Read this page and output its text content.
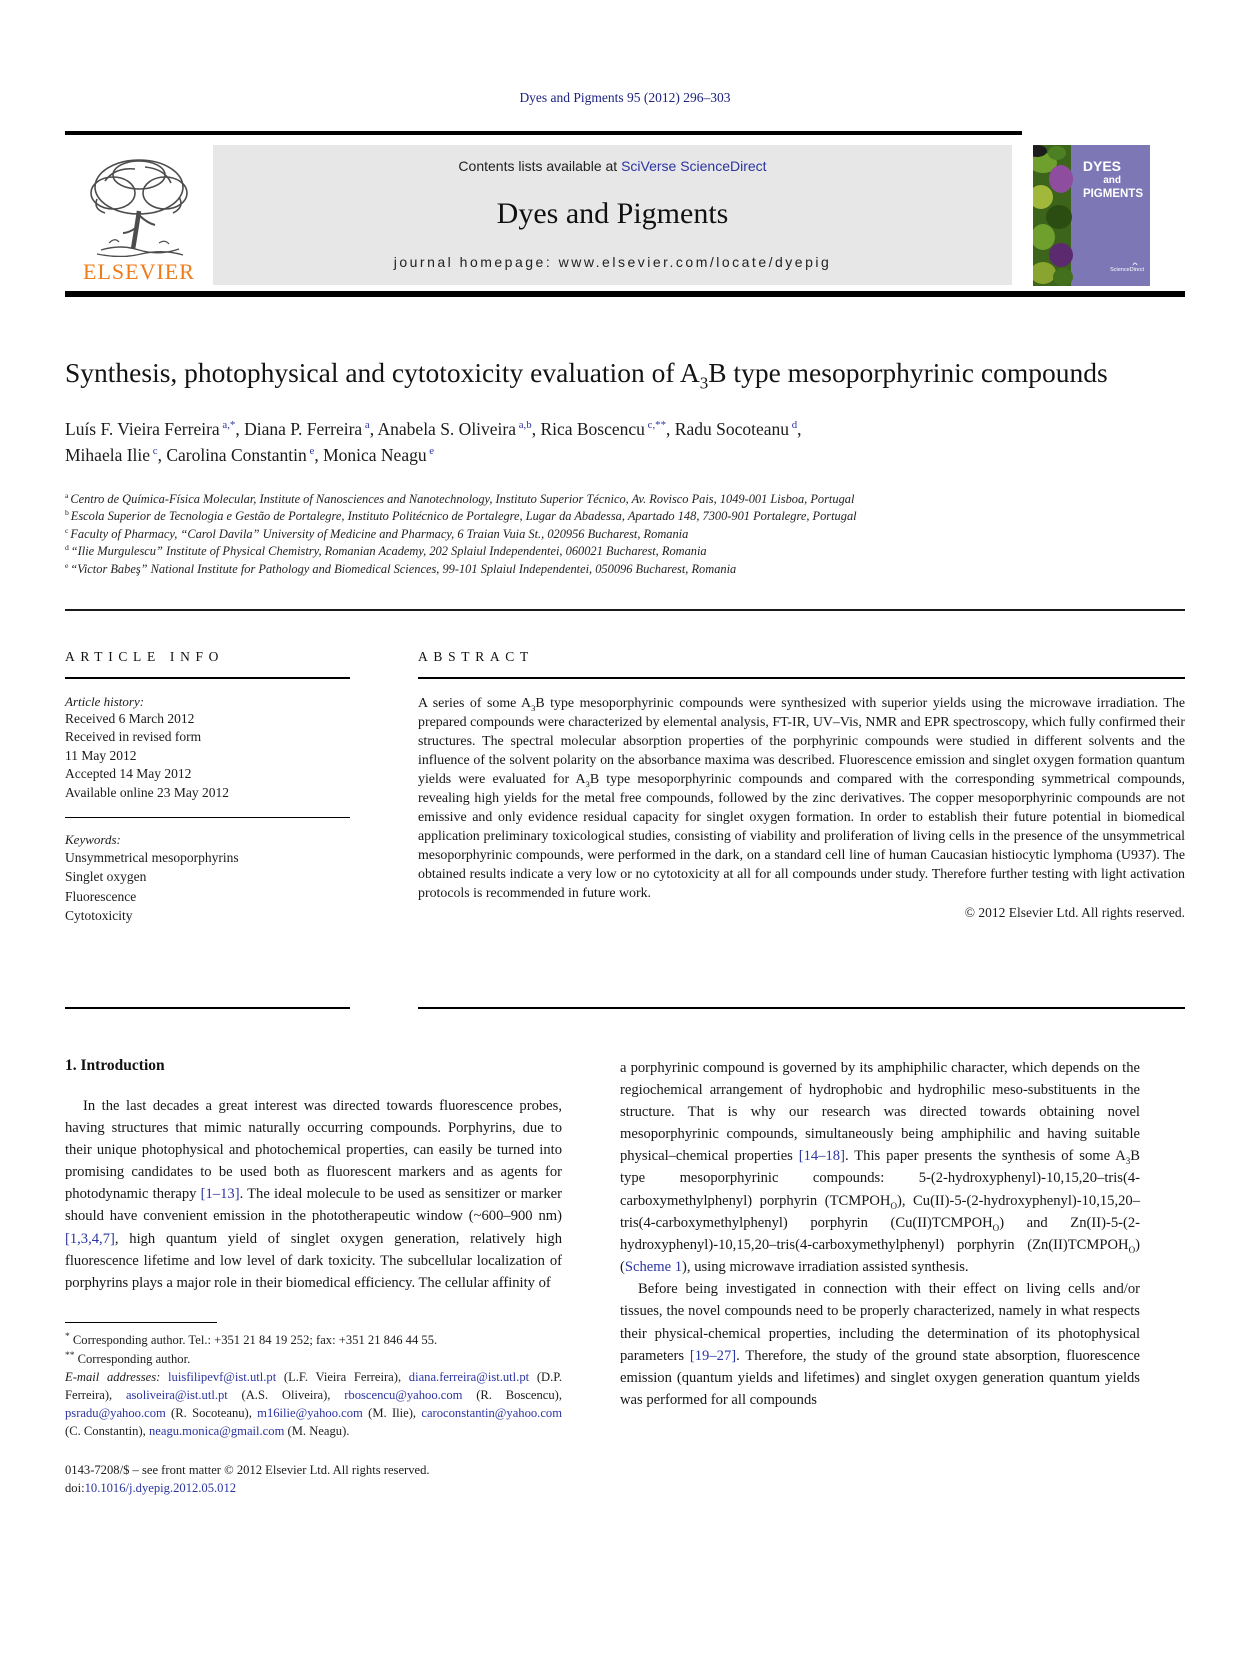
Dyes and Pigments 95 (2012) 296–303
ELSEVIER
Contents lists available at SciVerse ScienceDirect
Dyes and Pigments
journal homepage: www.elsevier.com/locate/dyepig
DYES
and
PIGMENTS
ScienceDirect
Synthesis, photophysical and cytotoxicity evaluation of $A_3B$ type mesoporphyrinic compounds
Luís F. Vieira Ferreira $^{a,*}$, Diana P. Ferreira $^a$, Anabela S. Oliveira $^{a,b}$, Rica Boscencu $^{c,**}$, Radu Socoteanu $^d$,
Mihaela Ilie $^c$, Carolina Constantin $^e$, Monica Neagu $^e$
$^a$ Centro de Química-Física Molecular, Institute of Nanosciences and Nanotechnology, Instituto Superior Técnico, Av. Rovisco Pais, 1049-001 Lisboa, Portugal
$^b$ Escola Superior de Tecnologia e Gestão de Portalegre, Instituto Politécnico de Portalegre, Lugar da Abadessa, Apartado 148, 7300-901 Portalegre, Portugal
$^c$ Faculty of Pharmacy, “Carol Davila” University of Medicine and Pharmacy, 6 Traian Vuia St., 020956 Bucharest, Romania
$^d$ “Ilie Murgulescu” Institute of Physical Chemistry, Romanian Academy, 202 Splaiul Independentei, 060021 Bucharest, Romania
$^e$ “Victor Babeş” National Institute for Pathology and Biomedical Sciences, 99-101 Splaiul Independentei, 050096 Bucharest, Romania
ARTICLE INFO
Article history:
Received 6 March 2012
Received in revised form
11 May 2012
Accepted 14 May 2012
Available online 23 May 2012
Keywords:
Unsymmetrical mesoporphyrins
Singlet oxygen
Fluorescence
Cytotoxicity
ABSTRACT
A series of some $A_3B$ type mesoporphyrinic compounds were synthesized with superior yields using the microwave irradiation. The prepared compounds were characterized by elemental analysis, FT-IR, UV–Vis, NMR and EPR spectroscopy, which fully confirmed their structures. The spectral molecular absorption properties of the porphyrinic compounds were studied in different solvents and the influence of the solvent polarity on the absorbance maxima was described. Fluorescence emission and singlet oxygen formation quantum yields were evaluated for $A_3B$ type mesoporphyrinic compounds and compared with the corresponding symmetrical compounds, revealing high yields for the metal free compounds, followed by the zinc derivatives. The copper mesoporphyrinic compounds are not emissive and only evidence residual capacity for singlet oxygen formation. In order to establish their future potential in biomedical application preliminary toxicological studies, consisting of viability and proliferation of living cells in the presence of the unsymmetrical mesoporphyrinic compounds, were performed in the dark, on a standard cell line of human Caucasian histiocytic lymphoma (U937). The obtained results indicate a very low or no cytotoxicity at all for all compounds under study. Therefore further testing with light activation protocols is recommended in future work.
© 2012 Elsevier Ltd. All rights reserved.
1. Introduction

In the last decades a great interest was directed towards fluorescence probes, having structures that mimic naturally occurring compounds. Porphyrins, due to their unique photophysical and photochemical properties, can easily be turned into promising candidates to be used both as fluorescent markers and as agents for photodynamic therapy [1–13]. The ideal molecule to be used as sensitizer or marker should have convenient emission in the phototherapeutic window (~600–900 nm) [1,3,4,7], high quantum yield of singlet oxygen generation, relatively high fluorescence lifetime and low level of dark toxicity. The subcellular localization of porphyrins plays a major role in their biomedical efficiency. The cellular affinity of

* Corresponding author. Tel.: +351 21 84 19 252; fax: +351 21 846 44 55.
** Corresponding author.
E-mail addresses: luisfilipevf@ist.utl.pt (L.F. Vieira Ferreira), diana.ferreira@ist.utl.pt (D.P. Ferreira), asoliveira@ist.utl.pt (A.S. Oliveira), rboscencu@yahoo.com (R. Boscencu), psradu@yahoo.com (R. Socoteanu), m16ilie@yahoo.com (M. Ilie), caroconstantin@yahoo.com (C. Constantin), neagu.monica@gmail.com (M. Neagu).
0143-7208/$ – see front matter © 2012 Elsevier Ltd. All rights reserved.
doi:10.1016/j.dyepig.2012.05.012

a porphyrinic compound is governed by its amphiphilic character, which depends on the regiochemical arrangement of hydrophobic and hydrophilic meso-substituents in the structure. That is why our research was directed towards obtaining novel mesoporphyrinic compounds, simultaneously being amphiphilic and having suitable physical–chemical properties [14–18]. This paper presents the synthesis of some $A_3B$ type mesoporphyrinic compounds: 5-(2-hydroxyphenyl)-10,15,20–tris(4-carboxymethylphenyl) porphyrin $(TCMPOH_O)$, Cu(II)-5-(2-hydroxyphenyl)-10,15,20–tris(4-carboxymethylphenyl) porphyrin $(Cu(II)TCMPOH_O)$ and Zn(II)-5-(2-hydroxyphenyl)-10,15,20–tris(4-carboxymethylphenyl) porphyrin $(Zn(II)TCMPOH_O)$ (Scheme 1), using microwave irradiation assisted synthesis.

Before being investigated in connection with their effect on living cells and/or tissues, the novel compounds need to be properly characterized, namely in what respects their physical-chemical properties, including the determination of its photophysical parameters [19–27]. Therefore, the study of the ground state absorption, fluorescence emission (quantum yields and lifetimes) and singlet oxygen generation quantum yields was performed for all compounds
